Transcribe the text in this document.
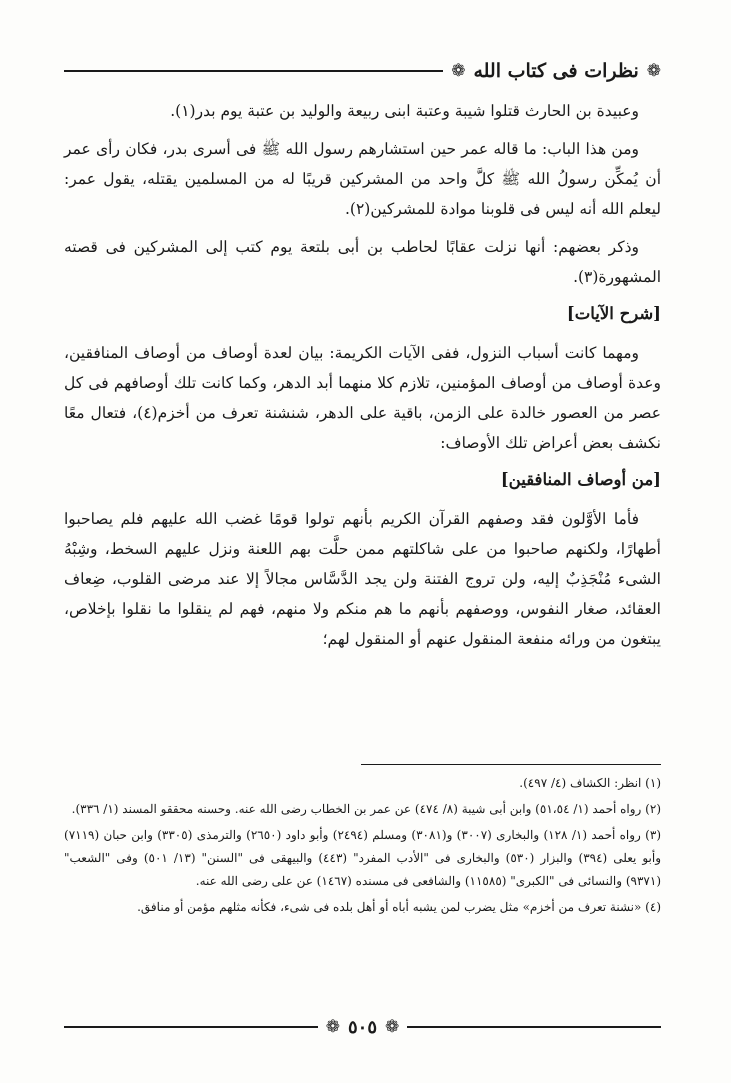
❁
نظرات فى كتاب الله
❁

وعبيدة بن الحارث قتلوا شيبة وعتبة ابنى ربيعة والوليد بن عتبة يوم بدر(١).

ومن هذا الباب: ما قاله عمر حين استشارهم رسول الله ﷺ فى أسرى بدر، فكان رأى عمر أن يُمكِّن رسولُ الله ﷺ كلَّ واحد من المشركين قريبًا له من المسلمين يقتله، يقول عمر: ليعلم الله أنه ليس فى قلوبنا موادة للمشركين(٢).

وذكر بعضهم: أنها نزلت عقابًا لحاطب بن أبى بلتعة يوم كتب إلى المشركين فى قصته المشهورة(٣).

[شرح الآيات]

ومهما كانت أسباب النزول، ففى الآيات الكريمة: بيان لعدة أوصاف من أوصاف المنافقين، وعدة أوصاف من أوصاف المؤمنين، تلازم كلا منهما أبد الدهر، وكما كانت تلك أوصافهم فى كل عصر من العصور خالدة على الزمن، باقية على الدهر، شنشنة تعرف من أخزم(٤)، فتعال معًا نكشف بعض أعراض تلك الأوصاف:

[من أوصاف المنافقين]

فأما الأوَّلون فقد وصفهم القرآن الكريم بأنهم تولوا قومًا غضب الله عليهم فلم يصاحبوا أطهارًا، ولكنهم صاحبوا من على شاكلتهم ممن حلَّت بهم اللعنة ونزل عليهم السخط، وشِبْهُ الشىء مُنْجَذِبٌ إليه، ولن تروج الفتنة ولن يجد الدَّسَّاس مجالاً إلا عند مرضى القلوب، ضِعاف العقائد، صغار النفوس، ووصفهم بأنهم ما هم منكم ولا منهم، فهم لم ينقلوا ما نقلوا بإخلاص، يبتغون من ورائه منفعة المنقول عنهم أو المنقول لهم؛

(١) انظر: الكشاف (٤/ ٤٩٧).
(٢) رواه أحمد (١/ ٥١،٥٤) وابن أبى شيبة (٨/ ٤٧٤) عن عمر بن الخطاب رضى الله عنه. وحسنه محققو المسند (١/ ٣٣٦).
(٣) رواه أحمد (١/ ١٢٨) والبخارى (٣٠٠٧) و(٣٠٨١) ومسلم (٢٤٩٤) وأبو داود (٢٦٥٠) والترمذى (٣٣٠٥) وابن حبان (٧١١٩) وأبو يعلى (٣٩٤) والبزار (٥٣٠) والبخارى فى "الأدب المفرد" (٤٤٣) والبيهقى فى "السنن" (١٣/ ٥٠١) وفى "الشعب" (٩٣٧١) والنسائى فى "الكبرى" (١١٥٨٥) والشافعى فى مسنده (١٤٦٧) عن على رضى الله عنه.
(٤) «نشنة تعرف من أخزم» مثل يضرب لمن يشبه أباه أو أهل بلده فى شىء، فكأنه مثلهم مؤمن أو منافق.
❁
٥٠٥
❁
